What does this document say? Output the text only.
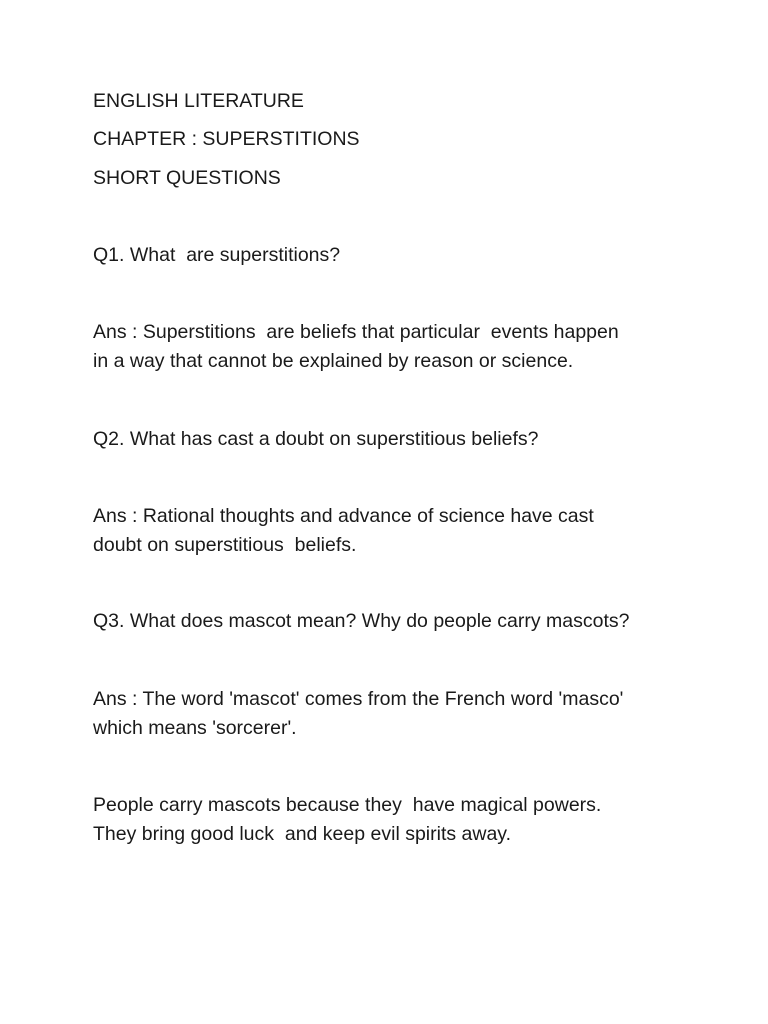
ENGLISH LITERATURE

CHAPTER : SUPERSTITIONS

SHORT QUESTIONS

Q1. What  are superstitions?

Ans : Superstitions  are beliefs that particular  events happen

in a way that cannot be explained by reason or science.

Q2. What has cast a doubt on superstitious beliefs?

Ans : Rational thoughts and advance of science have cast

doubt on superstitious  beliefs.

Q3. What does mascot mean? Why do people carry mascots?

Ans : The word 'mascot' comes from the French word 'masco'

which means 'sorcerer'.

People carry mascots because they  have magical powers.

They bring good luck  and keep evil spirits away.
